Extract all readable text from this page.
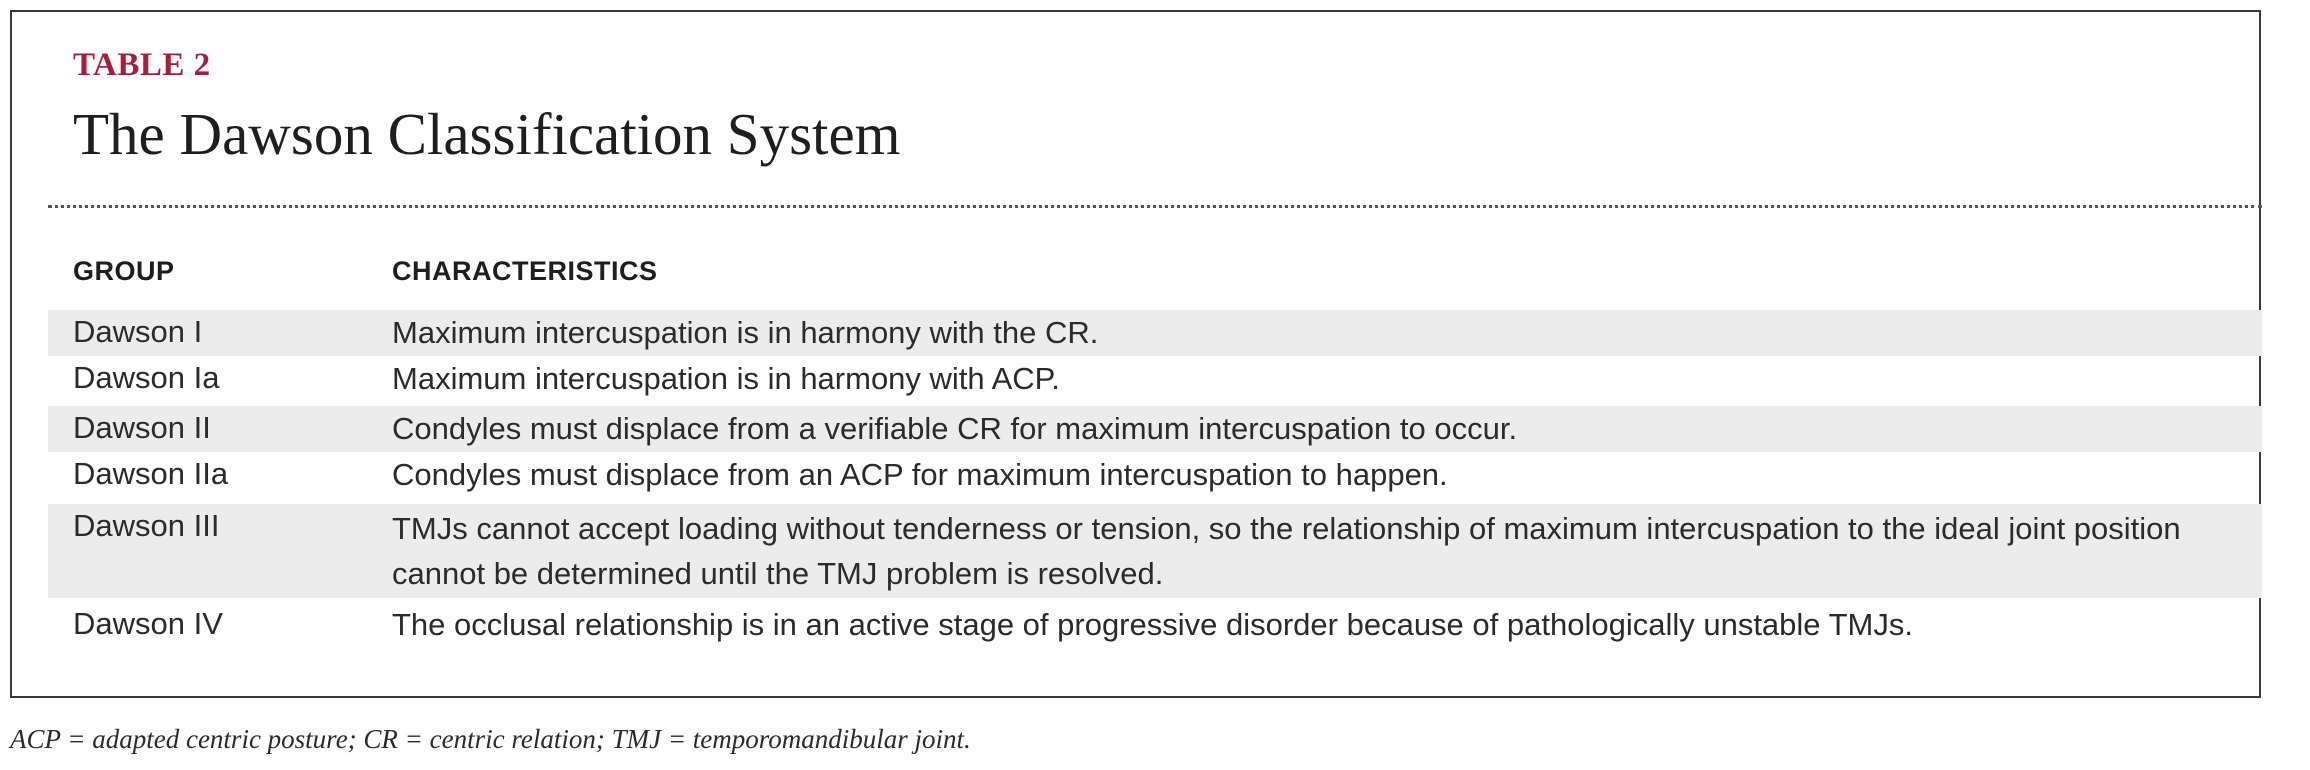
TABLE 2
The Dawson Classification System
GROUP	CHARACTERISTICS
Dawson I	Maximum intercuspation is in harmony with the CR.
Dawson Ia	Maximum intercuspation is in harmony with ACP.
Dawson II	Condyles must displace from a verifiable CR for maximum intercuspation to occur.
Dawson IIa	Condyles must displace from an ACP for maximum intercuspation to happen.
Dawson III	TMJs cannot accept loading without tenderness or tension, so the relationship of maximum intercuspation to the ideal joint position cannot be determined until the TMJ problem is resolved.
Dawson IV	The occlusal relationship is in an active stage of progressive disorder because of pathologically unstable TMJs.
ACP = adapted centric posture; CR = centric relation; TMJ = temporomandibular joint.
